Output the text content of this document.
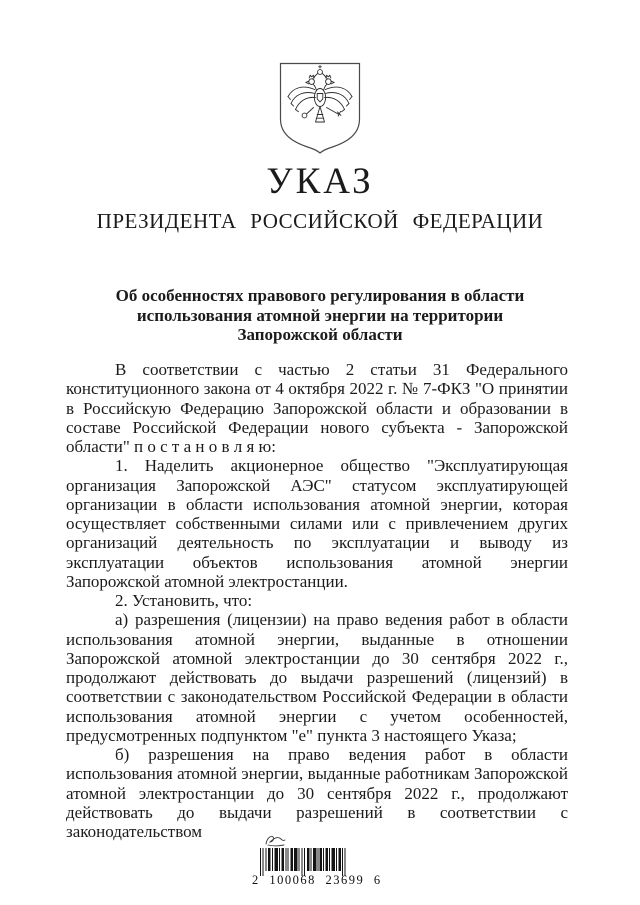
УКАЗ
ПРЕЗИДЕНТА РОССИЙСКОЙ ФЕДЕРАЦИИ
Об особенностях правового регулирования в области
использования атомной энергии на территории
Запорожской области

В соответствии с частью 2 статьи 31 Федерального конституционного закона от 4 октября 2022 г. № 7-ФКЗ "О принятии в Российскую Федерацию Запорожской области и образовании в составе Российской Федерации нового субъекта - Запорожской области" п о с т а н о в л я ю:

1. Наделить акционерное общество "Эксплуатирующая организация Запорожской АЭС" статусом эксплуатирующей организации в области использования атомной энергии, которая осуществляет собственными силами или с привлечением других организаций деятельность по эксплуатации и выводу из эксплуатации объектов использования атомной энергии Запорожской атомной электростанции.

2. Установить, что:

а) разрешения (лицензии) на право ведения работ в области использования атомной энергии, выданные в отношении Запорожской атомной электростанции до 30 сентября 2022 г., продолжают действовать до выдачи разрешений (лицензий) в соответствии с законодательством Российской Федерации в области использования атомной энергии с учетом особенностей, предусмотренных подпунктом "е" пункта 3 настоящего Указа;

б) разрешения на право ведения работ в области использования атомной энергии, выданные работникам Запорожской атомной электростанции до 30 сентября 2022 г., продолжают действовать до выдачи разрешений в соответствии с законодательством

2 100068 23699 6
